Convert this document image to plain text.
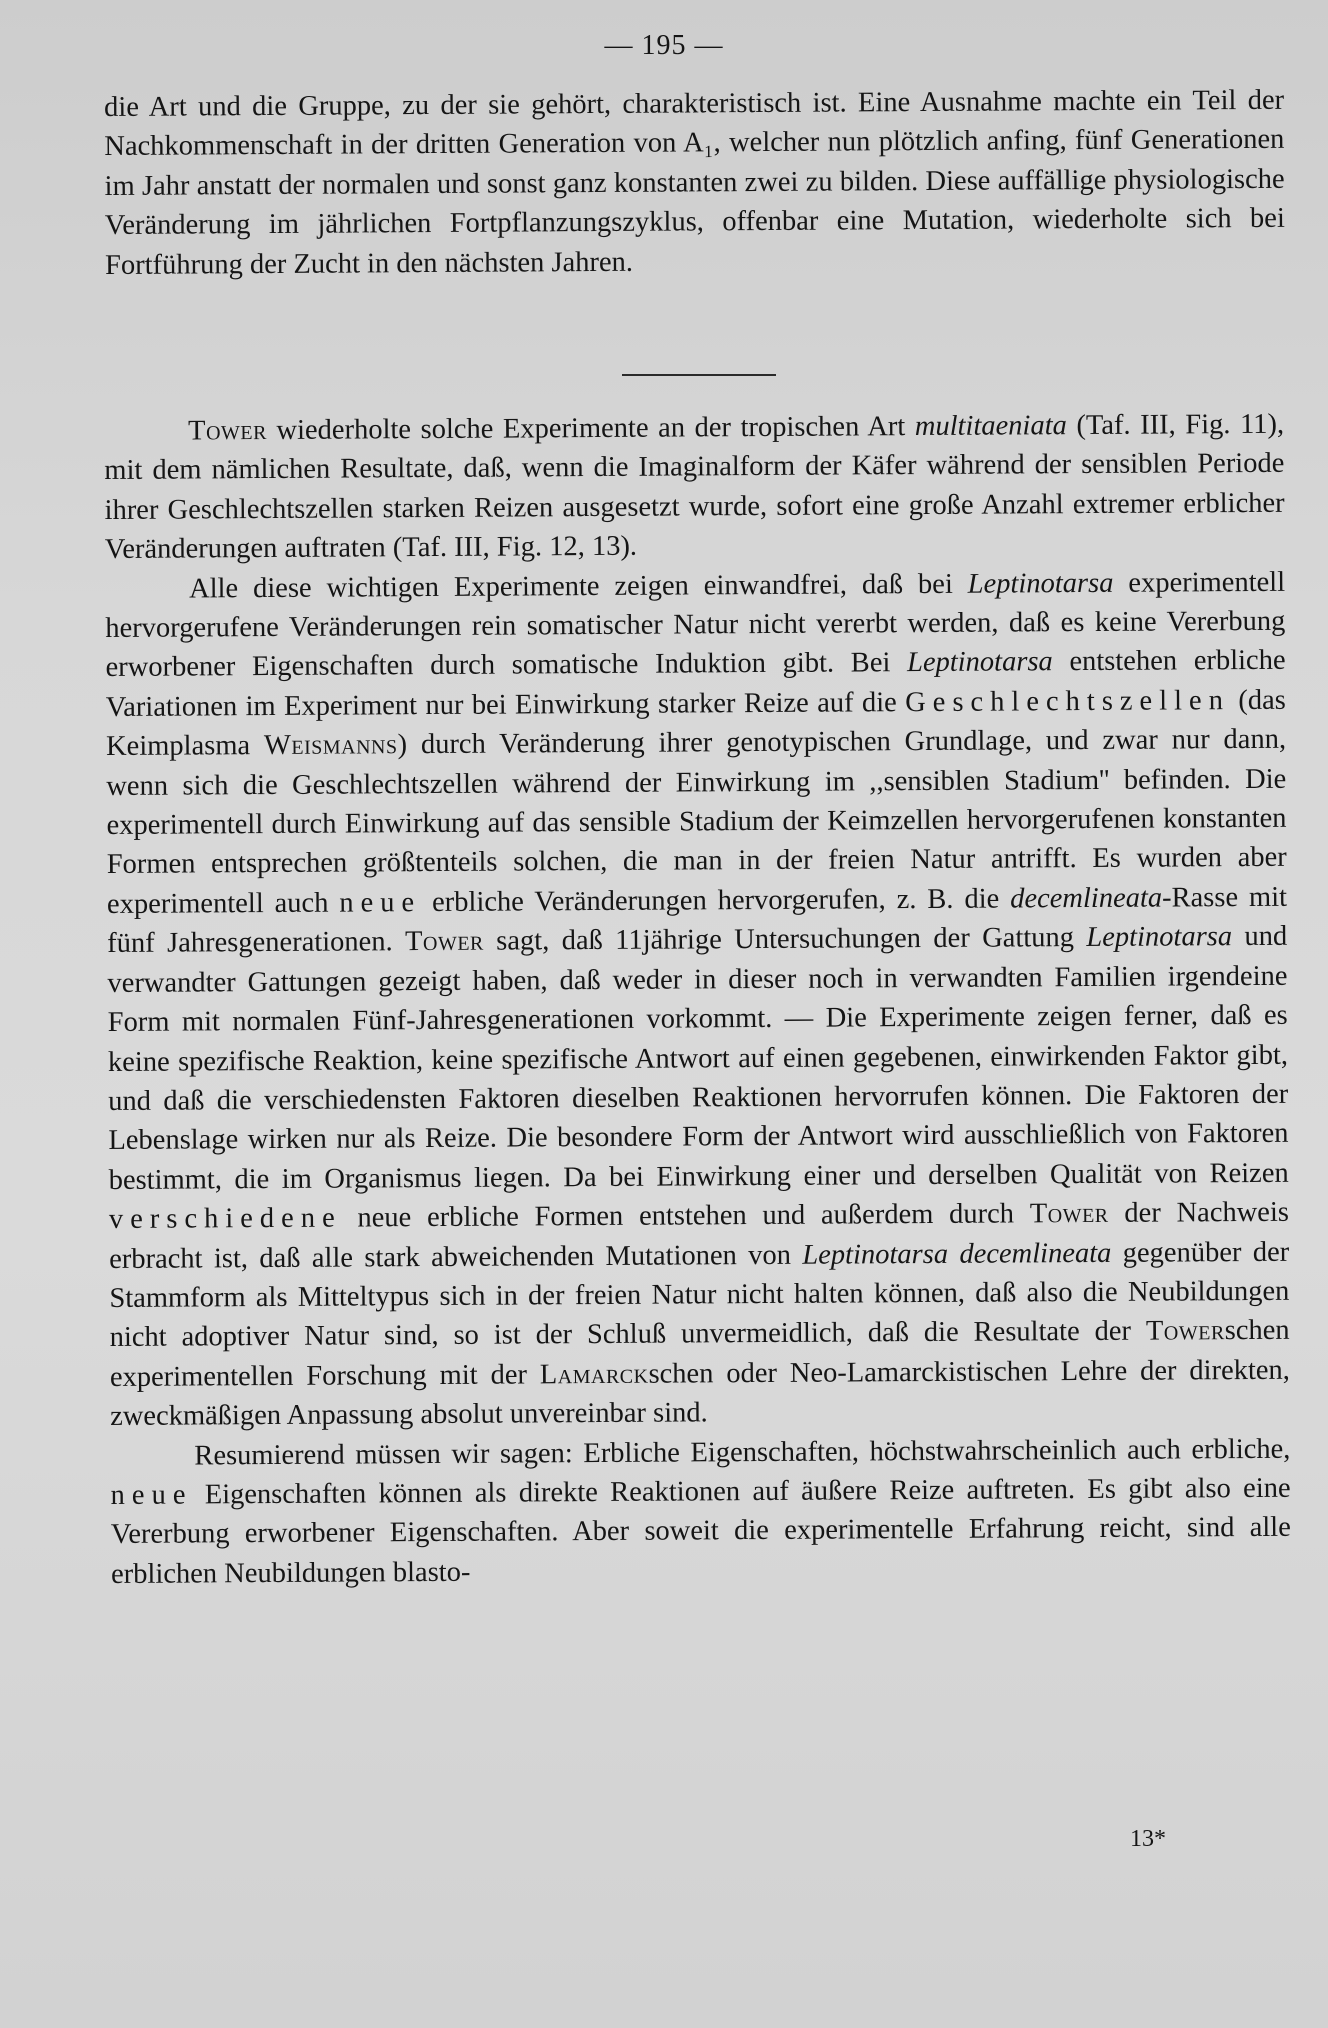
— 195 —

die Art und die Gruppe, zu der sie gehört, charakteristisch ist. Eine Ausnahme machte ein Teil der Nachkommenschaft in der dritten Generation von A₁, welcher nun plötzlich anfing, fünf Generationen im Jahr anstatt der normalen und sonst ganz konstanten zwei zu bilden. Diese auffällige physiologische Veränderung im jährlichen Fortpflanzungszyklus, offenbar eine Mutation, wiederholte sich bei Fortführung der Zucht in den nächsten Jahren.

Tower wiederholte solche Experimente an der tropischen Art multitaeniata (Taf. III, Fig. 11), mit dem nämlichen Resultate, daß, wenn die Imaginalform der Käfer während der sensiblen Periode ihrer Geschlechtszellen starken Reizen ausgesetzt wurde, sofort eine große Anzahl extremer erblicher Veränderungen auftraten (Taf. III, Fig. 12, 13).

Alle diese wichtigen Experimente zeigen einwandfrei, daß bei Leptinotarsa experimentell hervorgerufene Veränderungen rein somatischer Natur nicht vererbt werden, daß es keine Vererbung erworbener Eigenschaften durch somatische Induktion gibt. Bei Leptinotarsa entstehen erbliche Variationen im Experiment nur bei Einwirkung starker Reize auf die Geschlechtszellen (das Keimplasma Weismanns) durch Veränderung ihrer genotypischen Grundlage, und zwar nur dann, wenn sich die Geschlechtszellen während der Einwirkung im ,,sensiblen Stadium'' befinden. Die experimentell durch Einwirkung auf das sensible Stadium der Keimzellen hervorgerufenen konstanten Formen entsprechen größtenteils solchen, die man in der freien Natur antrifft. Es wurden aber experimentell auch neue erbliche Veränderungen hervorgerufen, z. B. die decemlineata-Rasse mit fünf Jahresgenerationen. Tower sagt, daß 11jährige Untersuchungen der Gattung Leptinotarsa und verwandter Gattungen gezeigt haben, daß weder in dieser noch in verwandten Familien irgendeine Form mit normalen Fünf-Jahresgenerationen vorkommt. — Die Experimente zeigen ferner, daß es keine spezifische Reaktion, keine spezifische Antwort auf einen gegebenen, einwirkenden Faktor gibt, und daß die verschiedensten Faktoren dieselben Reaktionen hervorrufen können. Die Faktoren der Lebenslage wirken nur als Reize. Die besondere Form der Antwort wird ausschließlich von Faktoren bestimmt, die im Organismus liegen. Da bei Einwirkung einer und derselben Qualität von Reizen verschiedene neue erbliche Formen entstehen und außerdem durch Tower der Nachweis erbracht ist, daß alle stark abweichenden Mutationen von Leptinotarsa decemlineata gegenüber der Stammform als Mitteltypus sich in der freien Natur nicht halten können, daß also die Neubildungen nicht adoptiver Natur sind, so ist der Schluß unvermeidlich, daß die Resultate der Towerschen experimentellen Forschung mit der Lamarckschen oder Neo-Lamarckistischen Lehre der direkten, zweckmäßigen Anpassung absolut unvereinbar sind.

Resumierend müssen wir sagen: Erbliche Eigenschaften, höchstwahrscheinlich auch erbliche, neue Eigenschaften können als direkte Reaktionen auf äußere Reize auftreten. Es gibt also eine Vererbung erworbener Eigenschaften. Aber soweit die experimentelle Erfahrung reicht, sind alle erblichen Neubildungen blasto-

13*
